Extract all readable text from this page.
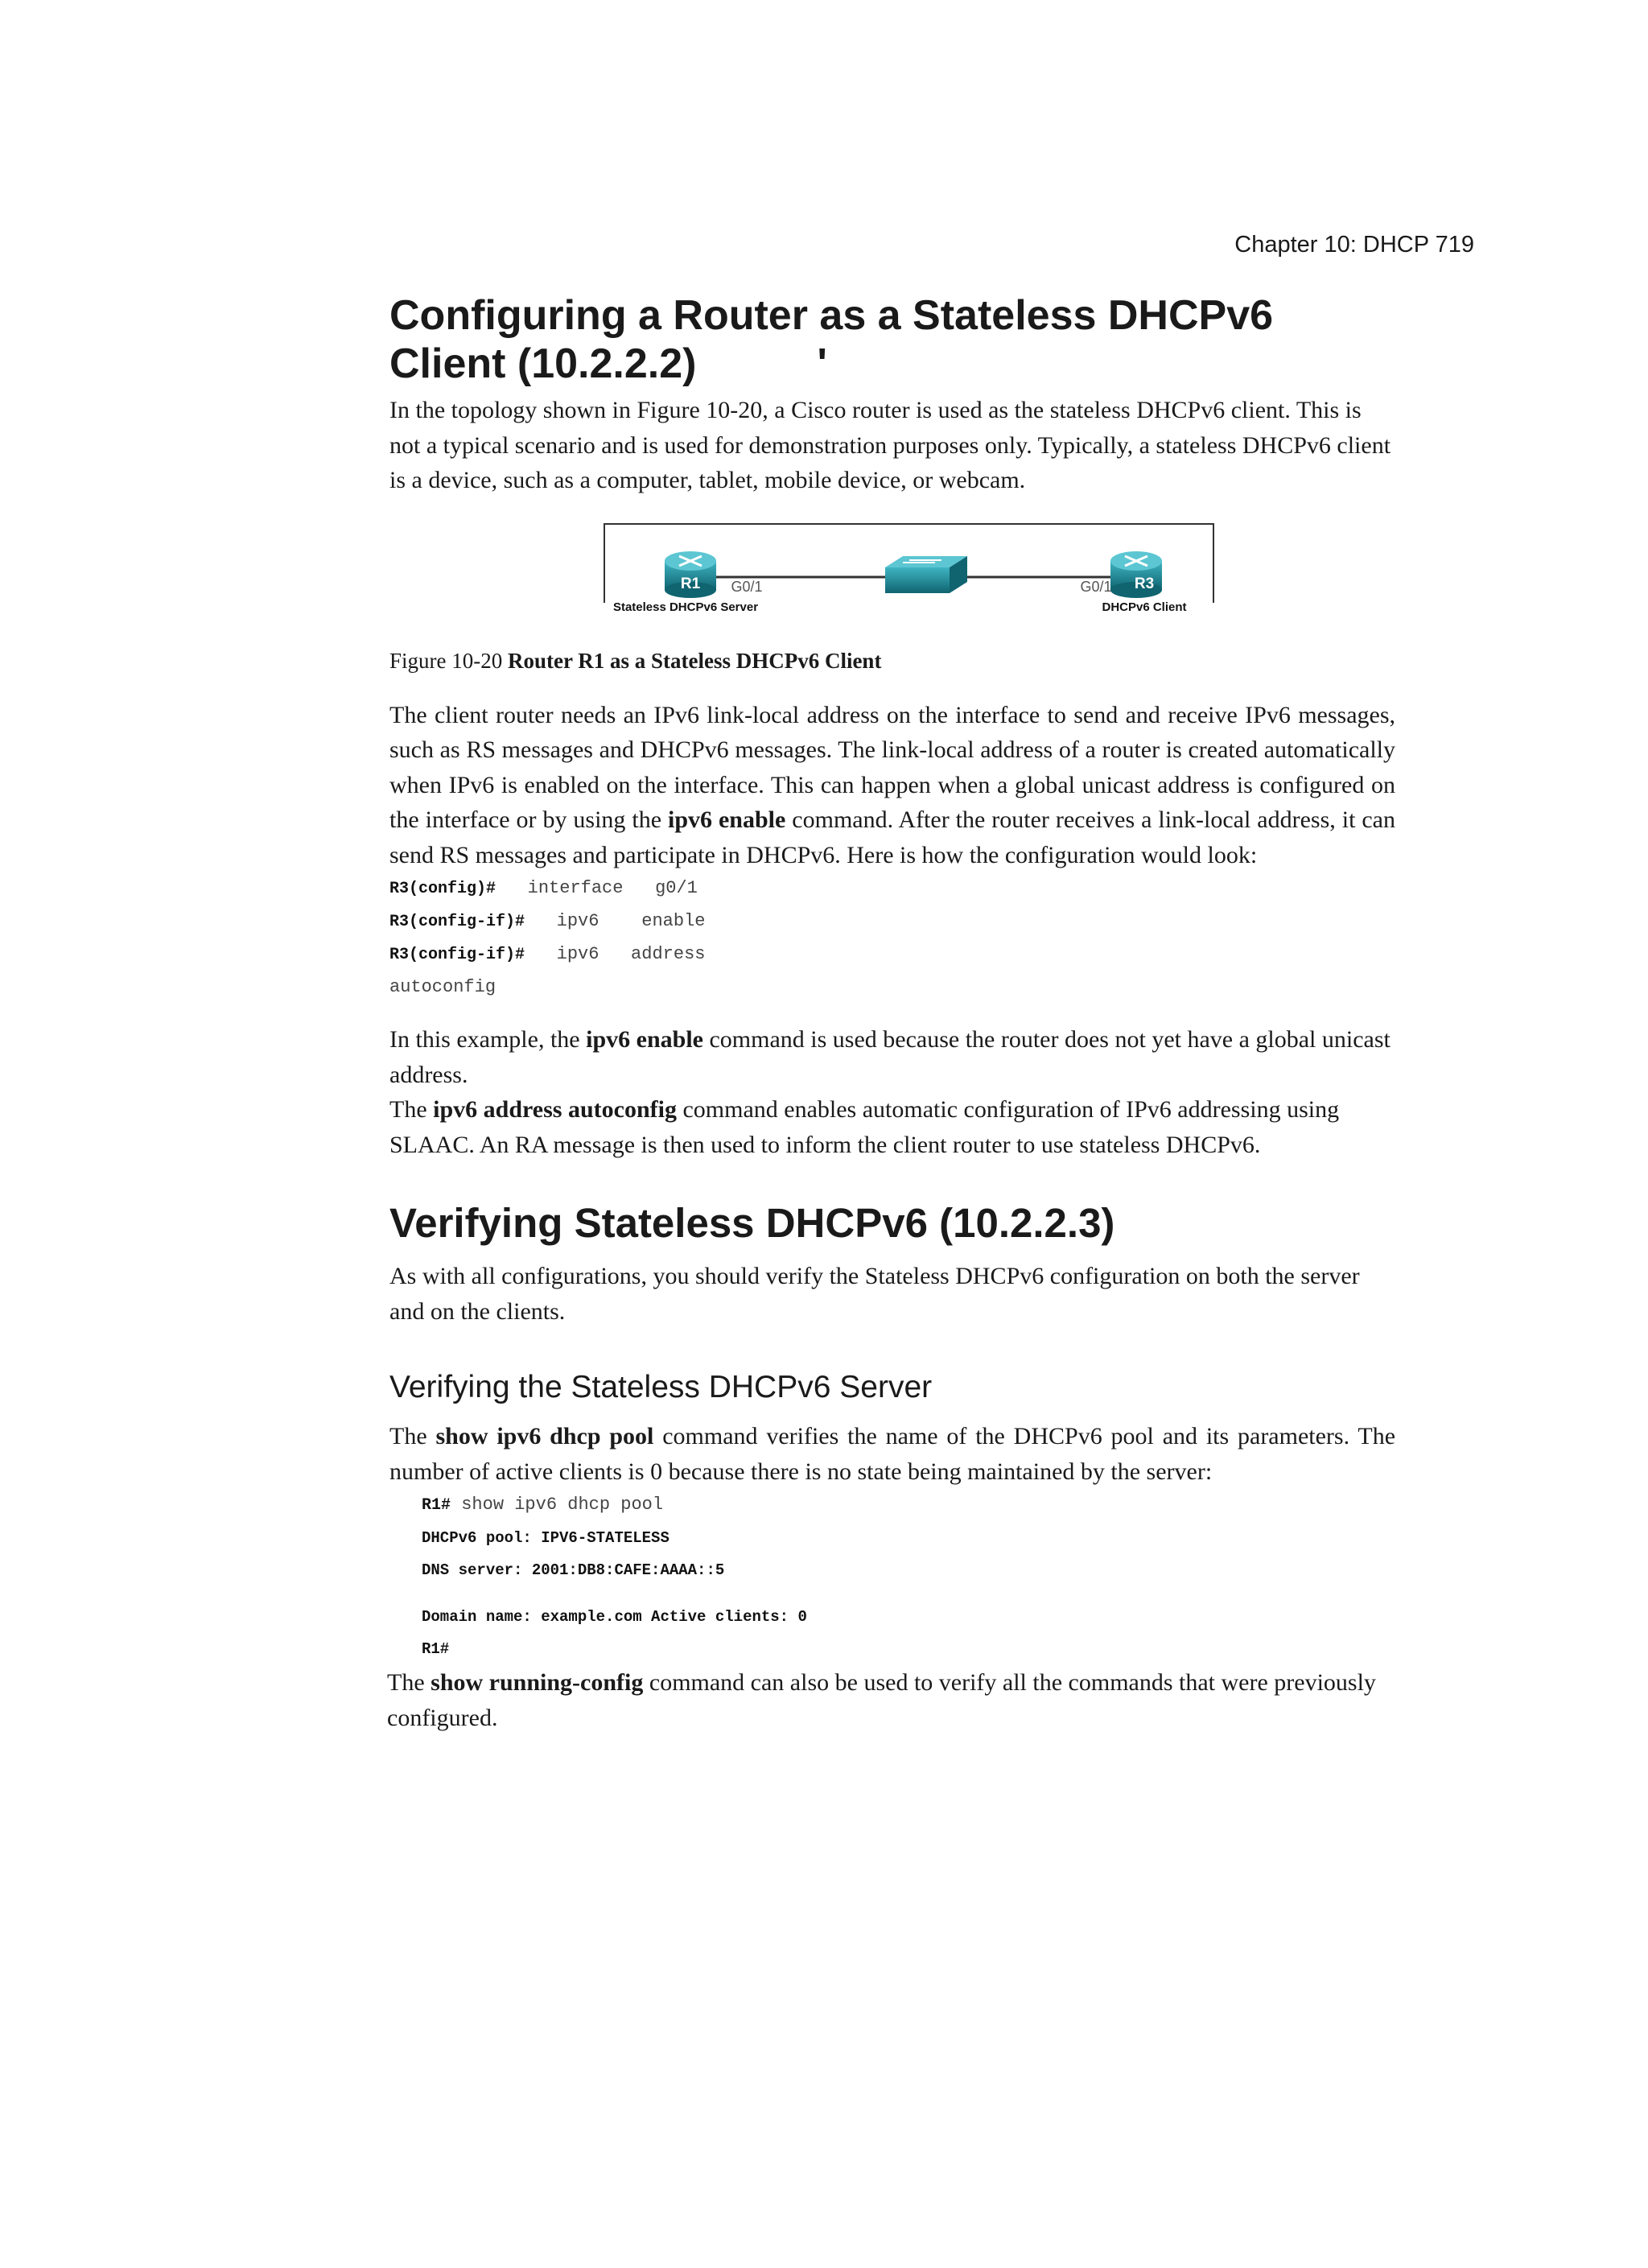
Chapter 10: DHCP 719
Configuring a Router as a Stateless DHCPv6
Client (10.2.2.2)	'

In the topology shown in Figure 10-20, a Cisco router is used as the stateless DHCPv6 client. This is not a typical scenario and is used for demonstration purposes only. Typically, a stateless DHCPv6 client is a device, such as a computer, tablet, mobile device, or webcam.

R1 G0/1
Stateless DHCPv6 Server
R3
G0/1
DHCPv6 Client
Figure 10-20 Router R1 as a Stateless DHCPv6 Client

The client router needs an IPv6 link-local address on the interface to send and receive IPv6 messages, such as RS messages and DHCPv6 messages. The link-local address of a router is created automatically when IPv6 is enabled on the interface. This can happen when a global unicast address is configured on the interface or by using the ipv6 enable command. After the router receives a link-local address, it can send RS messages and participate in DHCPv6. Here is how the configuration would look:

R3(config)#   interface   g0/1
R3(config-if)#   ipv6    enable
R3(config-if)#   ipv6   address
autoconfig

In this example, the ipv6 enable command is used because the router does not yet have a global unicast address.

The ipv6 address autoconfig command enables automatic configuration of IPv6 addressing using SLAAC. An RA message is then used to inform the client router to use stateless DHCPv6.

Verifying Stateless DHCPv6 (10.2.2.3)

As with all configurations, you should verify the Stateless DHCPv6 configuration on both the server and on the clients.

Verifying the Stateless DHCPv6 Server

The show ipv6 dhcp pool command verifies the name of the DHCPv6 pool and its parameters. The number of active clients is 0 because there is no state being maintained by the server:

R1# show ipv6 dhcp pool
DHCPv6 pool: IPV6-STATELESS
DNS server: 2001:DB8:CAFE:AAAA::5
Domain name: example.com Active clients: 0
R1#

The show running-config command can also be used to verify all the commands that were previously configured.
